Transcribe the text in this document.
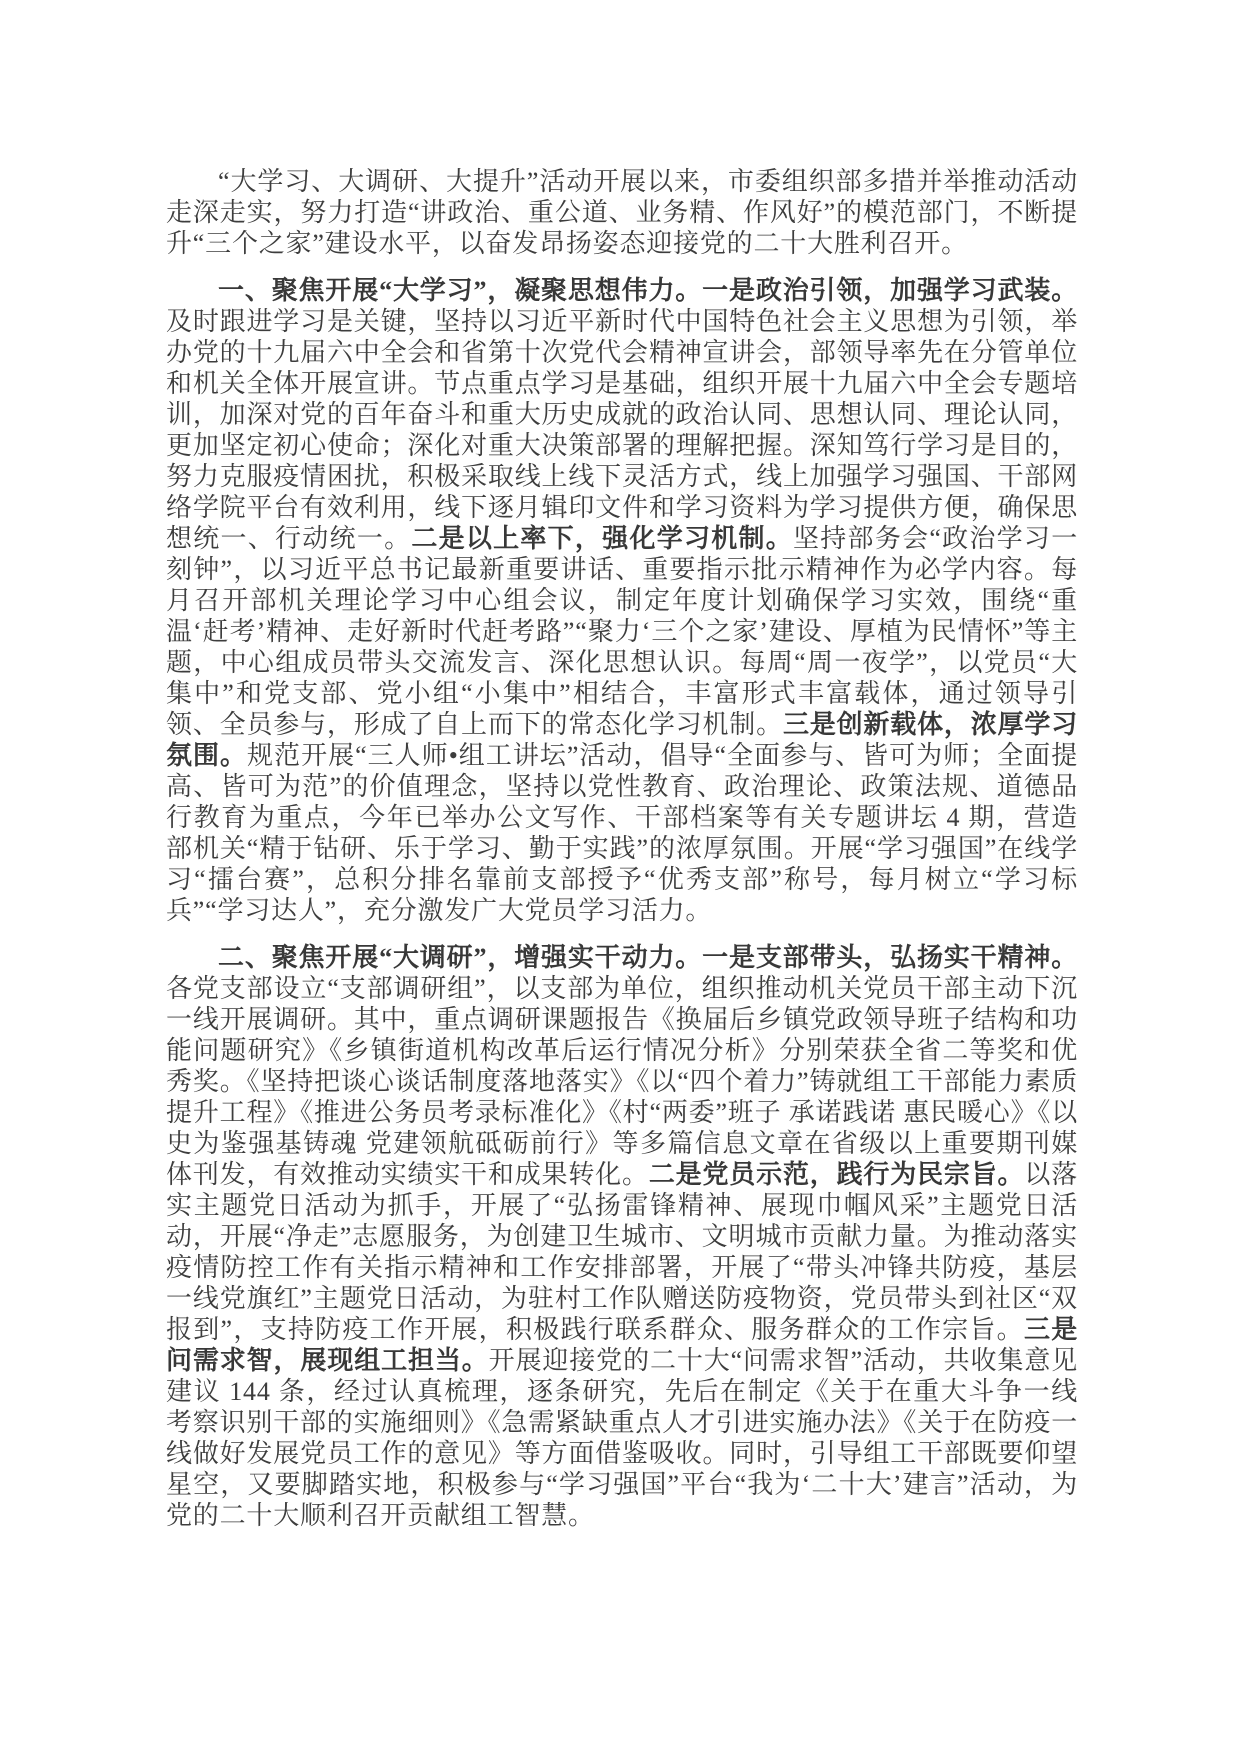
“大学习、大调研、大提升”活动开展以来，市委组织部多措并举推动活动走深走实，努力打造“讲政治、重公道、业务精、作风好”的模范部门，不断提升“三个之家”建设水平，以奋发昂扬姿态迎接党的二十大胜利召开。

一、聚焦开展“大学习”，凝聚思想伟力。一是政治引领，加强学习武装。及时跟进学习是关键，坚持以习近平新时代中国特色社会主义思想为引领，举办党的十九届六中全会和省第十次党代会精神宣讲会，部领导率先在分管单位和机关全体开展宣讲。节点重点学习是基础，组织开展十九届六中全会专题培训，加深对党的百年奋斗和重大历史成就的政治认同、思想认同、理论认同，更加坚定初心使命；深化对重大决策部署的理解把握。深知笃行学习是目的，努力克服疫情困扰，积极采取线上线下灵活方式，线上加强学习强国、干部网络学院平台有效利用，线下逐月辑印文件和学习资料为学习提供方便，确保思想统一、行动统一。二是以上率下，强化学习机制。坚持部务会“政治学习一刻钟”，以习近平总书记最新重要讲话、重要指示批示精神作为必学内容。每月召开部机关理论学习中心组会议，制定年度计划确保学习实效，围绕“重温‘赶考’精神、走好新时代赶考路”“聚力‘三个之家’建设、厚植为民情怀”等主题，中心组成员带头交流发言、深化思想认识。每周“周一夜学”，以党员“大集中”和党支部、党小组“小集中”相结合，丰富形式丰富载体，通过领导引领、全员参与，形成了自上而下的常态化学习机制。三是创新载体，浓厚学习氛围。规范开展“三人师•组工讲坛”活动，倡导“全面参与、皆可为师；全面提高、皆可为范”的价值理念，坚持以党性教育、政治理论、政策法规、道德品行教育为重点，今年已举办公文写作、干部档案等有关专题讲坛 4 期，营造部机关“精于钻研、乐于学习、勤于实践”的浓厚氛围。开展“学习强国”在线学习“擂台赛”，总积分排名靠前支部授予“优秀支部”称号，每月树立“学习标兵”“学习达人”，充分激发广大党员学习活力。

二、聚焦开展“大调研”，增强实干动力。一是支部带头，弘扬实干精神。各党支部设立“支部调研组”，以支部为单位，组织推动机关党员干部主动下沉一线开展调研。其中，重点调研课题报告《换届后乡镇党政领导班子结构和功能问题研究》《乡镇街道机构改革后运行情况分析》分别荣获全省二等奖和优秀奖。《坚持把谈心谈话制度落地落实》《以“四个着力”铸就组工干部能力素质提升工程》《推进公务员考录标准化》《村“两委”班子 承诺践诺 惠民暖心》《以史为鉴强基铸魂 党建领航砥砺前行》等多篇信息文章在省级以上重要期刊媒体刊发，有效推动实绩实干和成果转化。二是党员示范，践行为民宗旨。以落实主题党日活动为抓手，开展了“弘扬雷锋精神、展现巾帼风采”主题党日活动，开展“净走”志愿服务，为创建卫生城市、文明城市贡献力量。为推动落实疫情防控工作有关指示精神和工作安排部署，开展了“带头冲锋共防疫，基层一线党旗红”主题党日活动，为驻村工作队赠送防疫物资，党员带头到社区“双报到”，支持防疫工作开展，积极践行联系群众、服务群众的工作宗旨。三是问需求智，展现组工担当。开展迎接党的二十大“问需求智”活动，共收集意见建议 144 条，经过认真梳理，逐条研究，先后在制定《关于在重大斗争一线考察识别干部的实施细则》《急需紧缺重点人才引进实施办法》《关于在防疫一线做好发展党员工作的意见》等方面借鉴吸收。同时，引导组工干部既要仰望星空，又要脚踏实地，积极参与“学习强国”平台“我为‘二十大’建言”活动，为党的二十大顺利召开贡献组工智慧。
